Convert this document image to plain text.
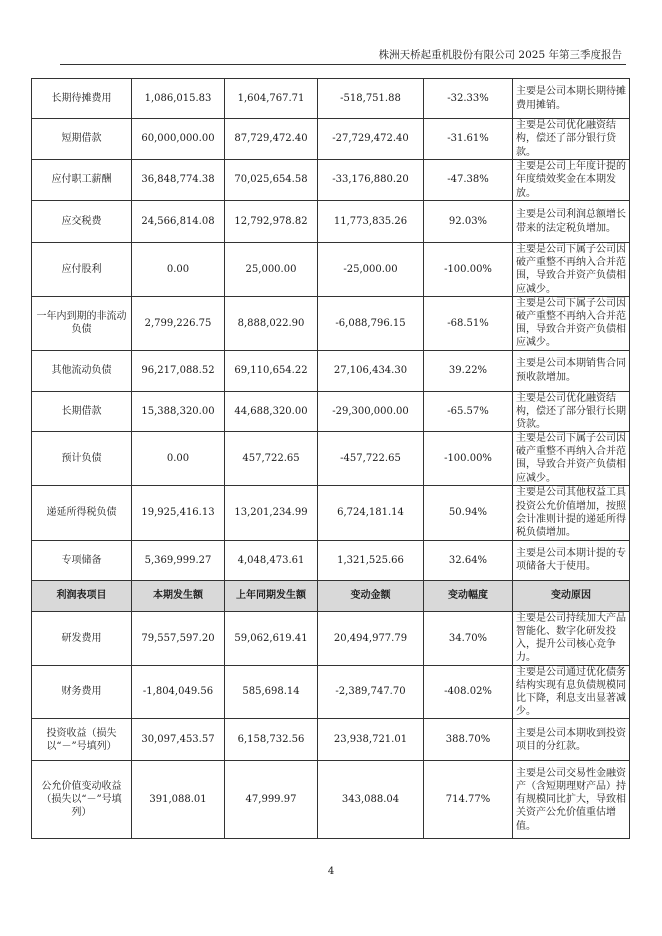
株洲天桥起重机股份有限公司 2025 年第三季度报告
长期待摊费用	1,086,015.83	1,604,767.71	-518,751.88	-32.33%	主要是公司本期长期待摊费用摊销。
短期借款	60,000,000.00	87,729,472.40	-27,729,472.40	-31.61%	主要是公司优化融资结构，偿还了部分银行贷款。
应付职工薪酬	36,848,774.38	70,025,654.58	-33,176,880.20	-47.38%	主要是公司上年度计提的年度绩效奖金在本期发放。
应交税费	24,566,814.08	12,792,978.82	11,773,835.26	92.03%	主要是公司利润总额增长带来的法定税负增加。
应付股利	0.00	25,000.00	-25,000.00	-100.00%	主要是公司下属子公司因破产重整不再纳入合并范围，导致合并资产负债相应减少。
一年内到期的非流动负债	2,799,226.75	8,888,022.90	-6,088,796.15	-68.51%	主要是公司下属子公司因破产重整不再纳入合并范围，导致合并资产负债相应减少。
其他流动负债	96,217,088.52	69,110,654.22	27,106,434.30	39.22%	主要是公司本期销售合同预收款增加。
长期借款	15,388,320.00	44,688,320.00	-29,300,000.00	-65.57%	主要是公司优化融资结构，偿还了部分银行长期贷款。
预计负债	0.00	457,722.65	-457,722.65	-100.00%	主要是公司下属子公司因破产重整不再纳入合并范围，导致合并资产负债相应减少。
递延所得税负债	19,925,416.13	13,201,234.99	6,724,181.14	50.94%	主要是公司其他权益工具投资公允价值增加，按照会计准则计提的递延所得税负债增加。
专项储备	5,369,999.27	4,048,473.61	1,321,525.66	32.64%	主要是公司本期计提的专项储备大于使用。
利润表项目	本期发生额	上年同期发生额	变动金额	变动幅度	变动原因
研发费用	79,557,597.20	59,062,619.41	20,494,977.79	34.70%	主要是公司持续加大产品智能化、数字化研发投入，提升公司核心竞争力。
财务费用	-1,804,049.56	585,698.14	-2,389,747.70	-408.02%	主要是公司通过优化债务结构实现有息负债规模同比下降，利息支出显著减少。
投资收益（损失以“－”号填列）	30,097,453.57	6,158,732.56	23,938,721.01	388.70%	主要是公司本期收到投资项目的分红款。
公允价值变动收益（损失以“－”号填列）	391,088.01	47,999.97	343,088.04	714.77%	主要是公司交易性金融资产（含短期理财产品）持有规模同比扩大，导致相关资产公允价值重估增值。
4
